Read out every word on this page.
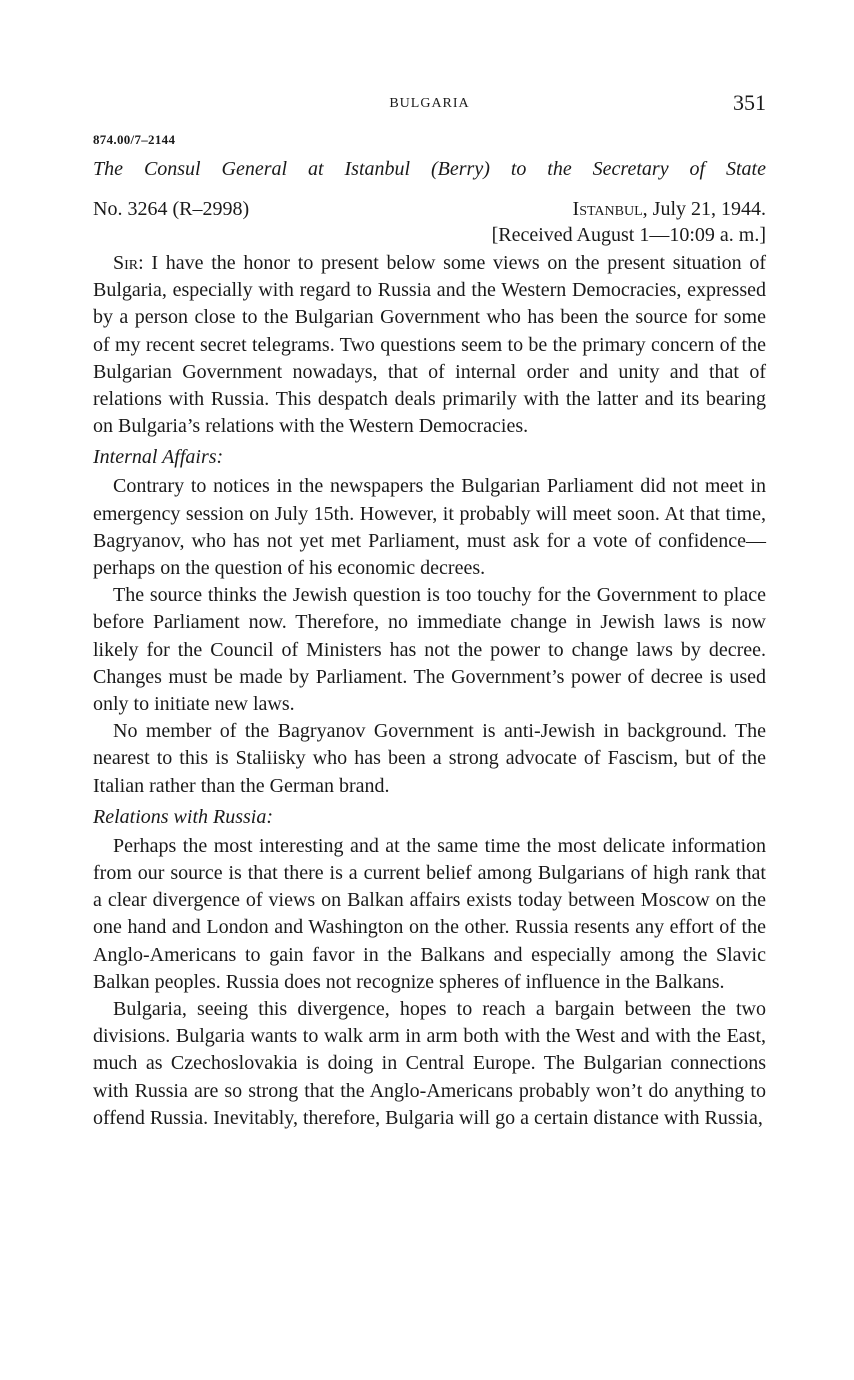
BULGARIA	351
874.00/7–2144
The Consul General at Istanbul (Berry) to the Secretary of State
No. 3264 (R–2998)	Istanbul, July 21, 1944.
[Received August 1—10:09 a. m.]

Sir: I have the honor to present below some views on the present situation of Bulgaria, especially with regard to Russia and the Western Democracies, expressed by a person close to the Bulgarian Government who has been the source for some of my recent secret telegrams. Two questions seem to be the primary concern of the Bulgarian Government nowadays, that of internal order and unity and that of relations with Russia. This despatch deals primarily with the latter and its bearing on Bulgaria’s relations with the Western Democracies.

Internal Affairs:

Contrary to notices in the newspapers the Bulgarian Parliament did not meet in emergency session on July 15th. However, it probably will meet soon. At that time, Bagryanov, who has not yet met Parliament, must ask for a vote of confidence—perhaps on the question of his economic decrees.

The source thinks the Jewish question is too touchy for the Government to place before Parliament now. Therefore, no immediate change in Jewish laws is now likely for the Council of Ministers has not the power to change laws by decree. Changes must be made by Parliament. The Government’s power of decree is used only to initiate new laws.

No member of the Bagryanov Government is anti-Jewish in background. The nearest to this is Staliisky who has been a strong advocate of Fascism, but of the Italian rather than the German brand.

Relations with Russia:

Perhaps the most interesting and at the same time the most delicate information from our source is that there is a current belief among Bulgarians of high rank that a clear divergence of views on Balkan affairs exists today between Moscow on the one hand and London and Washington on the other. Russia resents any effort of the Anglo-Americans to gain favor in the Balkans and especially among the Slavic Balkan peoples. Russia does not recognize spheres of influence in the Balkans.

Bulgaria, seeing this divergence, hopes to reach a bargain between the two divisions. Bulgaria wants to walk arm in arm both with the West and with the East, much as Czechoslovakia is doing in Central Europe. The Bulgarian connections with Russia are so strong that the Anglo-Americans probably won’t do anything to offend Russia. Inevitably, therefore, Bulgaria will go a certain distance with Russia,
